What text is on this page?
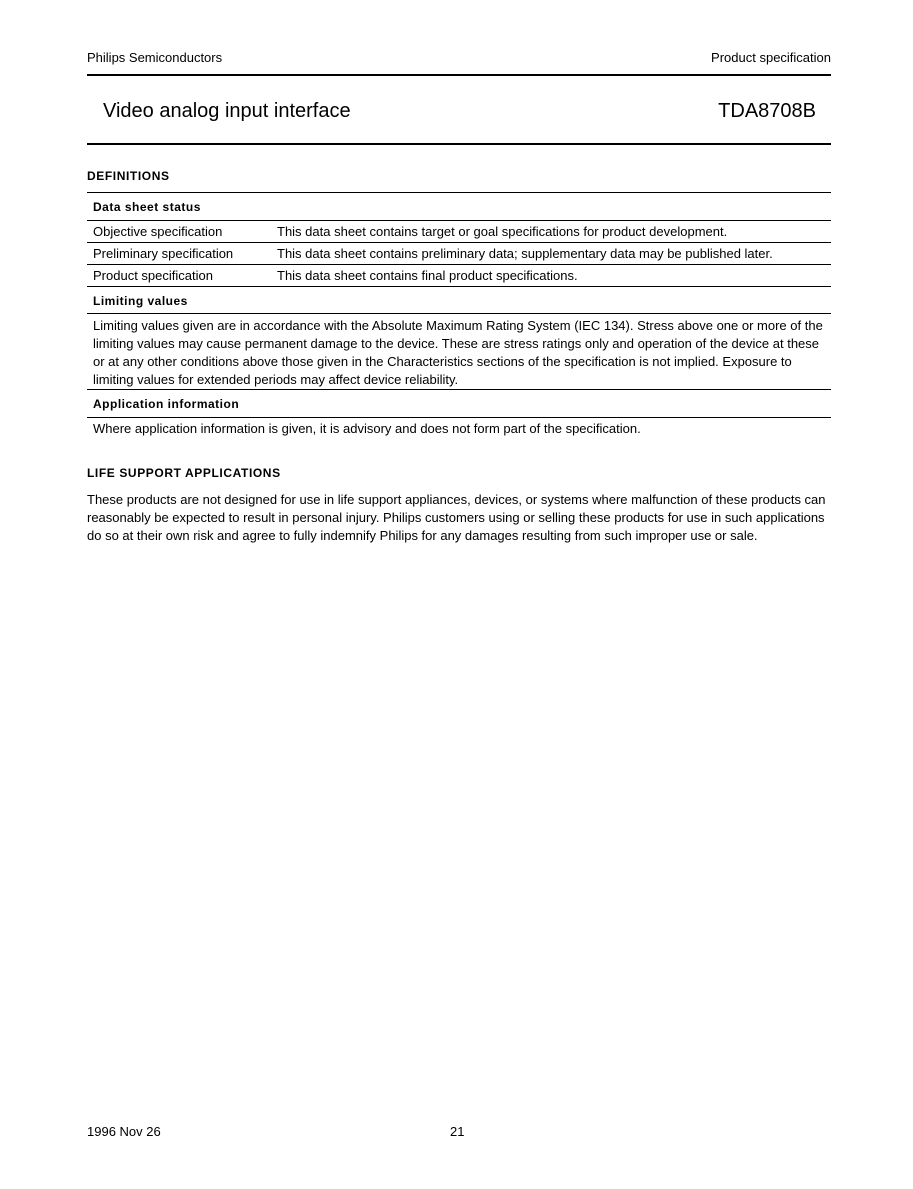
Philips Semiconductors	Product specification
Video analog input interface	TDA8708B
DEFINITIONS
Data sheet status
Objective specification	This data sheet contains target or goal specifications for product development.
Preliminary specification	This data sheet contains preliminary data; supplementary data may be published later.
Product specification	This data sheet contains final product specifications.
Limiting values
Limiting values given are in accordance with the Absolute Maximum Rating System (IEC 134). Stress above one or more of the limiting values may cause permanent damage to the device. These are stress ratings only and operation of the device at these or at any other conditions above those given in the Characteristics sections of the specification is not implied. Exposure to limiting values for extended periods may affect device reliability.
Application information
Where application information is given, it is advisory and does not form part of the specification.
LIFE SUPPORT APPLICATIONS
These products are not designed for use in life support appliances, devices, or systems where malfunction of these products can reasonably be expected to result in personal injury. Philips customers using or selling these products for use in such applications do so at their own risk and agree to fully indemnify Philips for any damages resulting from such improper use or sale.
1996 Nov 26	21
